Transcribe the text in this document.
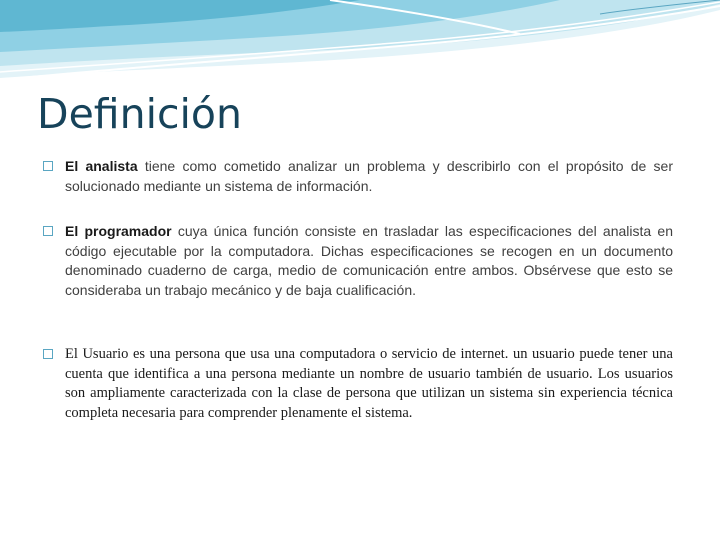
Definición
El analista tiene como cometido analizar un problema y describirlo con el propósito de ser solucionado mediante un sistema de información.
El programador cuya única función consiste en trasladar las especificaciones del analista en código ejecutable por la computadora. Dichas especificaciones se recogen en un documento denominado cuaderno de carga, medio de comunicación entre ambos. Obsérvese que esto se consideraba un trabajo mecánico y de baja cualificación.
El Usuario es una persona que usa una computadora o servicio de internet. un usuario puede tener una cuenta que identifica a una persona mediante un nombre de usuario también de usuario. Los usuarios son ampliamente caracterizada con la clase de persona que utilizan un sistema sin experiencia técnica completa necesaria para comprender plenamente el sistema.
